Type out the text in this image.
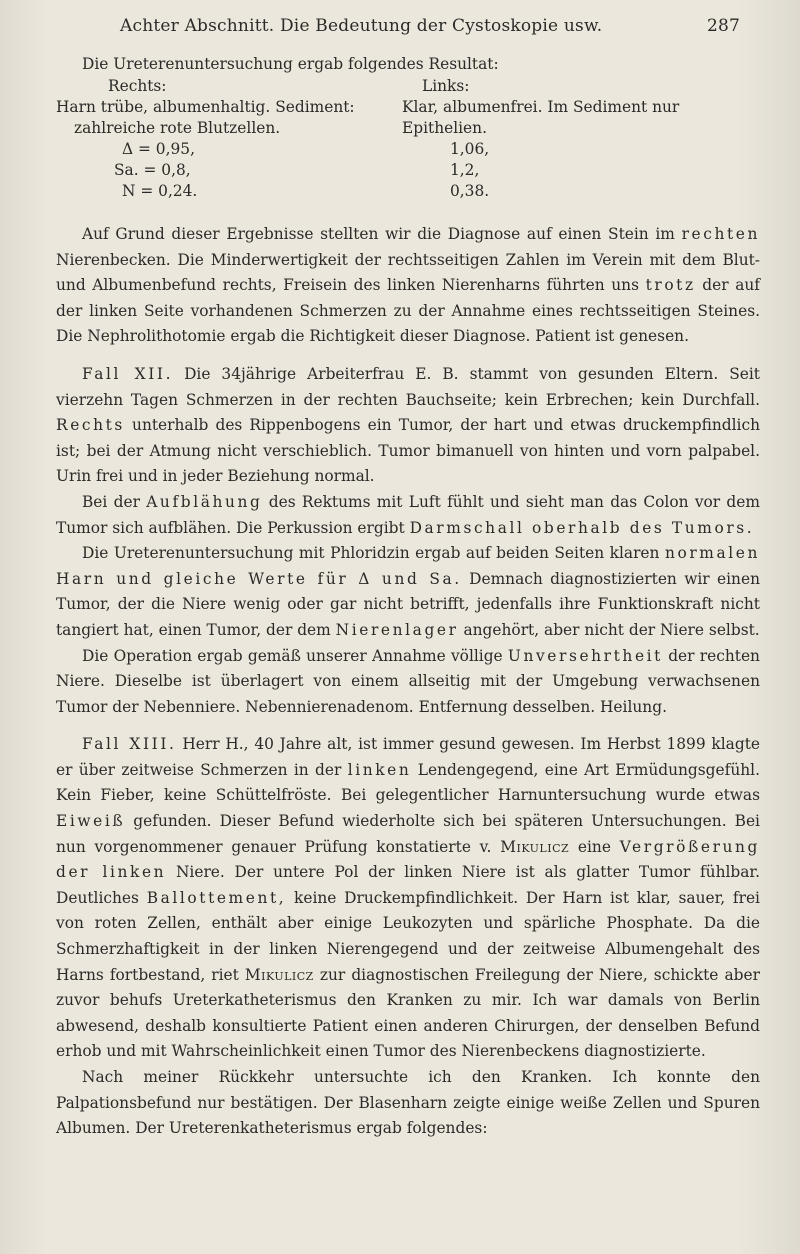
Achter Abschnitt. Die Bedeutung der Cystoskopie usw.	287

Die Ureterenuntersuchung ergab folgendes Resultat:

Rechts:	Links:
Harn trübe, albumenhaltig. Sediment:	Klar, albumenfrei. Im Sediment nur
zahlreiche rote Blutzellen.	Epithelien.
Δ = 0,95,	1,06,
Sa. = 0,8,	1,2,
N = 0,24.	0,38.

Auf Grund dieser Ergebnisse stellten wir die Diagnose auf einen Stein im rechten Nierenbecken. Die Minderwertigkeit der rechtsseitigen Zahlen im Verein mit dem Blut- und Albumenbefund rechts, Freisein des linken Nierenharns führten uns trotz der auf der linken Seite vorhandenen Schmerzen zu der Annahme eines rechtsseitigen Steines. Die Nephrolithotomie ergab die Richtigkeit dieser Diagnose. Patient ist genesen.

Fall XII. Die 34jährige Arbeiterfrau E. B. stammt von gesunden Eltern. Seit vierzehn Tagen Schmerzen in der rechten Bauchseite; kein Erbrechen; kein Durchfall. Rechts unterhalb des Rippenbogens ein Tumor, der hart und etwas druckempfindlich ist; bei der Atmung nicht verschieblich. Tumor bimanuell von hinten und vorn palpabel. Urin frei und in jeder Beziehung normal.

Bei der Aufblähung des Rektums mit Luft fühlt und sieht man das Colon vor dem Tumor sich aufblähen. Die Perkussion ergibt Darmschall oberhalb des Tumors.

Die Ureterenuntersuchung mit Phloridzin ergab auf beiden Seiten klaren normalen Harn und gleiche Werte für Δ und Sa. Demnach diagnostizierten wir einen Tumor, der die Niere wenig oder gar nicht betrifft, jedenfalls ihre Funktionskraft nicht tangiert hat, einen Tumor, der dem Nierenlager angehört, aber nicht der Niere selbst.

Die Operation ergab gemäß unserer Annahme völlige Unversehrtheit der rechten Niere. Dieselbe ist überlagert von einem allseitig mit der Umgebung verwachsenen Tumor der Nebenniere. Nebennierenadenom. Entfernung desselben. Heilung.

Fall XIII. Herr H., 40 Jahre alt, ist immer gesund gewesen. Im Herbst 1899 klagte er über zeitweise Schmerzen in der linken Lendengegend, eine Art Ermüdungsgefühl. Kein Fieber, keine Schüttelfröste. Bei gelegentlicher Harnuntersuchung wurde etwas Eiweiß gefunden. Dieser Befund wiederholte sich bei späteren Untersuchungen. Bei nun vorgenommener genauer Prüfung konstatierte v. Mikulicz eine Vergrößerung der linken Niere. Der untere Pol der linken Niere ist als glatter Tumor fühlbar. Deutliches Ballottement, keine Druckempfindlichkeit. Der Harn ist klar, sauer, frei von roten Zellen, enthält aber einige Leukozyten und spärliche Phosphate. Da die Schmerzhaftigkeit in der linken Nierengegend und der zeitweise Albumengehalt des Harns fortbestand, riet Mikulicz zur diagnostischen Freilegung der Niere, schickte aber zuvor behufs Ureterkatheterismus den Kranken zu mir. Ich war damals von Berlin abwesend, deshalb konsultierte Patient einen anderen Chirurgen, der denselben Befund erhob und mit Wahrscheinlichkeit einen Tumor des Nierenbeckens diagnostizierte.

Nach meiner Rückkehr untersuchte ich den Kranken. Ich konnte den Palpationsbefund nur bestätigen. Der Blasenharn zeigte einige weiße Zellen und Spuren Albumen. Der Ureterenkatheterismus ergab folgendes:
